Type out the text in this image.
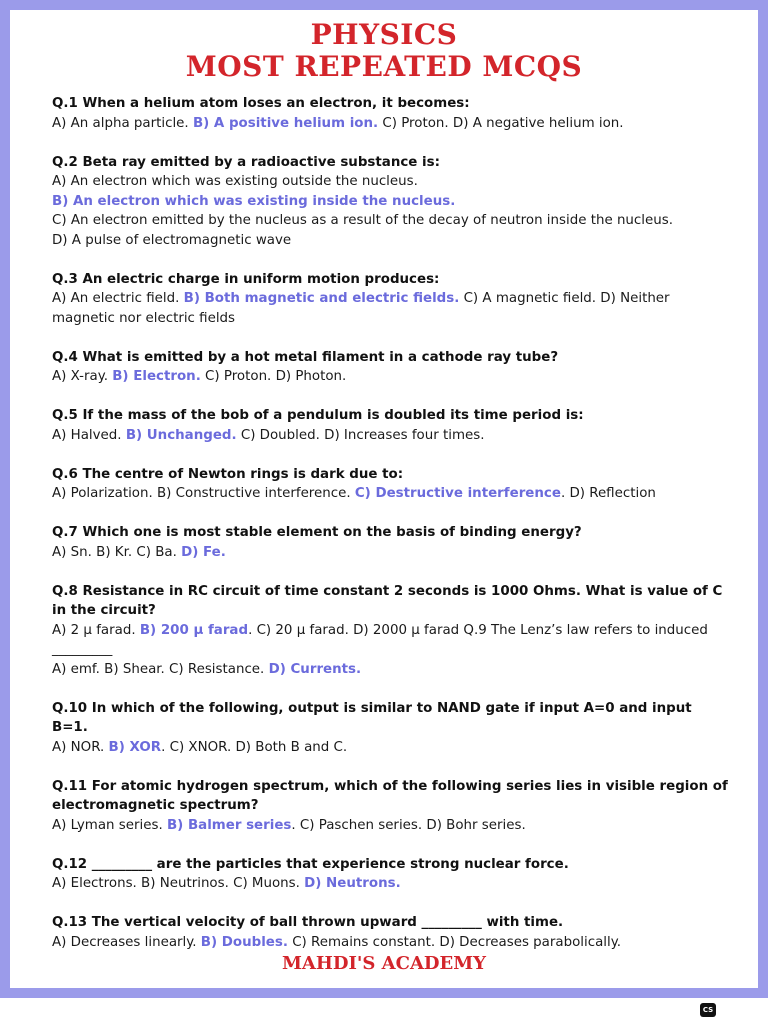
PHYSICS
MOST REPEATED MCQS
Q.1 When a helium atom loses an electron, it becomes:
A) An alpha particle. B) A positive helium ion. C) Proton. D) A negative helium ion.
Q.2 Beta ray emitted by a radioactive substance is:
A) An electron which was existing outside the nucleus.
B) An electron which was existing inside the nucleus.
C) An electron emitted by the nucleus as a result of the decay of neutron inside the nucleus.
D) A pulse of electromagnetic wave
Q.3 An electric charge in uniform motion produces:
A) An electric field. B) Both magnetic and electric fields. C) A magnetic field. D) Neither magnetic nor electric fields
Q.4 What is emitted by a hot metal filament in a cathode ray tube?
A) X-ray. B) Electron. C) Proton. D) Photon.
Q.5 If the mass of the bob of a pendulum is doubled its time period is:
A) Halved. B) Unchanged. C) Doubled. D) Increases four times.
Q.6 The centre of Newton rings is dark due to:
A) Polarization. B) Constructive interference. C) Destructive interference. D) Reflection
Q.7 Which one is most stable element on the basis of binding energy?
A) Sn. B) Kr. C) Ba. D) Fe.
Q.8 Resistance in RC circuit of time constant 2 seconds is 1000 Ohms. What is value of C in the circuit?
A) 2 μ farad. B) 200 μ farad. C) 20 μ farad. D) 2000 μ farad Q.9 The Lenz’s law refers to induced _________
A) emf. B) Shear. C) Resistance. D) Currents.
Q.10 In which of the following, output is similar to NAND gate if input A=0 and input B=1.
A) NOR. B) XOR. C) XNOR. D) Both B and C.
Q.11 For atomic hydrogen spectrum, which of the following series lies in visible region of electromagnetic spectrum?
A) Lyman series. B) Balmer series. C) Paschen series. D) Bohr series.
Q.12 _________ are the particles that experience strong nuclear force.
A) Electrons. B) Neutrinos. C) Muons. D) Neutrons.
Q.13 The vertical velocity of ball thrown upward _________ with time.
A) Decreases linearly. B) Doubles. C) Remains constant. D) Decreases parabolically.
MAHDI'S ACADEMY
CS
